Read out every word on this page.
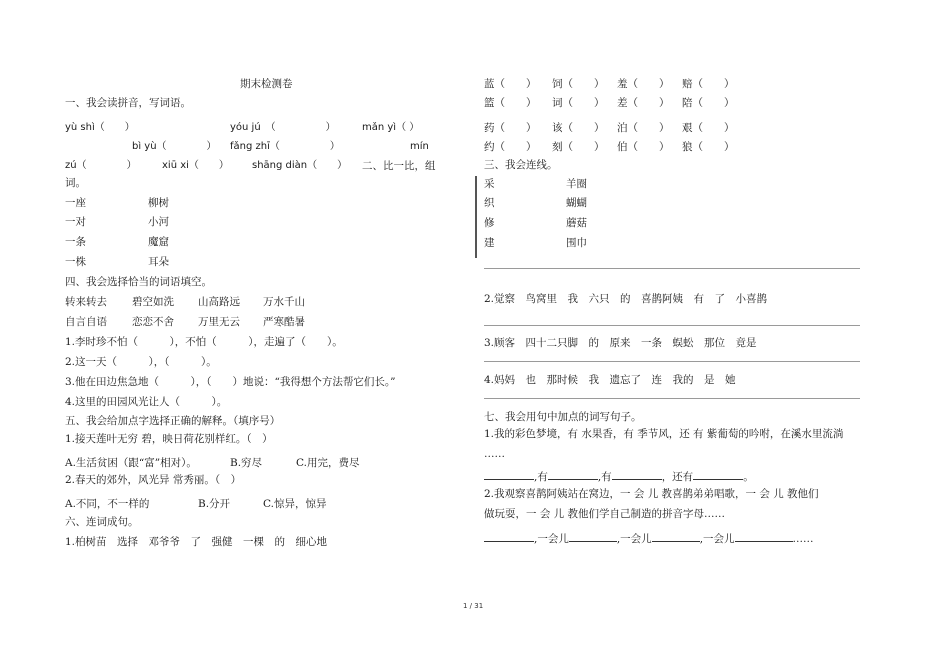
期末检测卷

一、我会读拼音，写词语。

yù shì（　　）	yóu jú　（　　　　　）	mǎn yì（ ）

bì yù（　　　　） fǎng zhī（　　　　　）	mín

zú（　　　　）	xiū xi（　　） shāng diàn（　　） 二、比一比，组

词。

一座	柳树

一对	小河

一条	魔窟

一株	耳朵

四、我会选择恰当的词语填空。

转来转去 碧空如洗 山高路远 万水千山

自言自语 恋恋不舍 万里无云 严寒酷暑

1.李时珍不怕（　　　），不怕（　　　），走遍了（　　）。

2.这一天（　　　），（　　　）。

3.他在田边焦急地（　　　），（　　）地说：“我得想个方法帮它们长。”

4.这里的田园风光让人（　　　）。

五、我会给加点字选择正确的解释。（填序号）

1.接天莲叶无穷 碧，映日荷花别样红。（　）

A.生活贫困（跟“富”相对）。	B.穷尽	C.用完，费尽

2.春天的郊外，风光异 常秀丽。（　）

A.不同，不一样的	B.分开	C.惊异，惊异

六、连词成句。

1.柏树苗　选择　邓爷爷　了　强健　一棵　的　细心地

蓝（　　） 饲（　　） 羞（　　） 赔（　　）

篮（　　） 词（　　） 差（　　） 陪（　　）

药（　　） 该（　　） 泊（　　） 艰（　　）

约（　　） 刻（　　） 伯（　　） 狼（　　）

三、我会连线。

采	羊圈

织	蝴蝴

修	蘑菇

建	围巾

2.觉察　鸟窝里　我　六只　的　喜鹊阿姨　有　了　小喜鹊

3.顾客　四十二只脚　的　原来　一条　蜈蚣　那位　竟是

4.妈妈　也　那时候　我　遗忘了　连　我的　是　她

七、我会用句中加点的词写句子。

1.我的彩色梦境，有 水果香，有 季节风，还 有 紫葡萄的吟咐，在溪水里流淌

……

,有	,有	，还有	。

2.我观察喜鹊阿姨站在窝边，一 会 儿 教喜鹊弟弟唱歌，一 会 儿 教他们

做玩耍，一 会 儿 教他们学自己制造的拼音字母……

,一会儿	,一会儿	,一会儿	……

1 / 31
